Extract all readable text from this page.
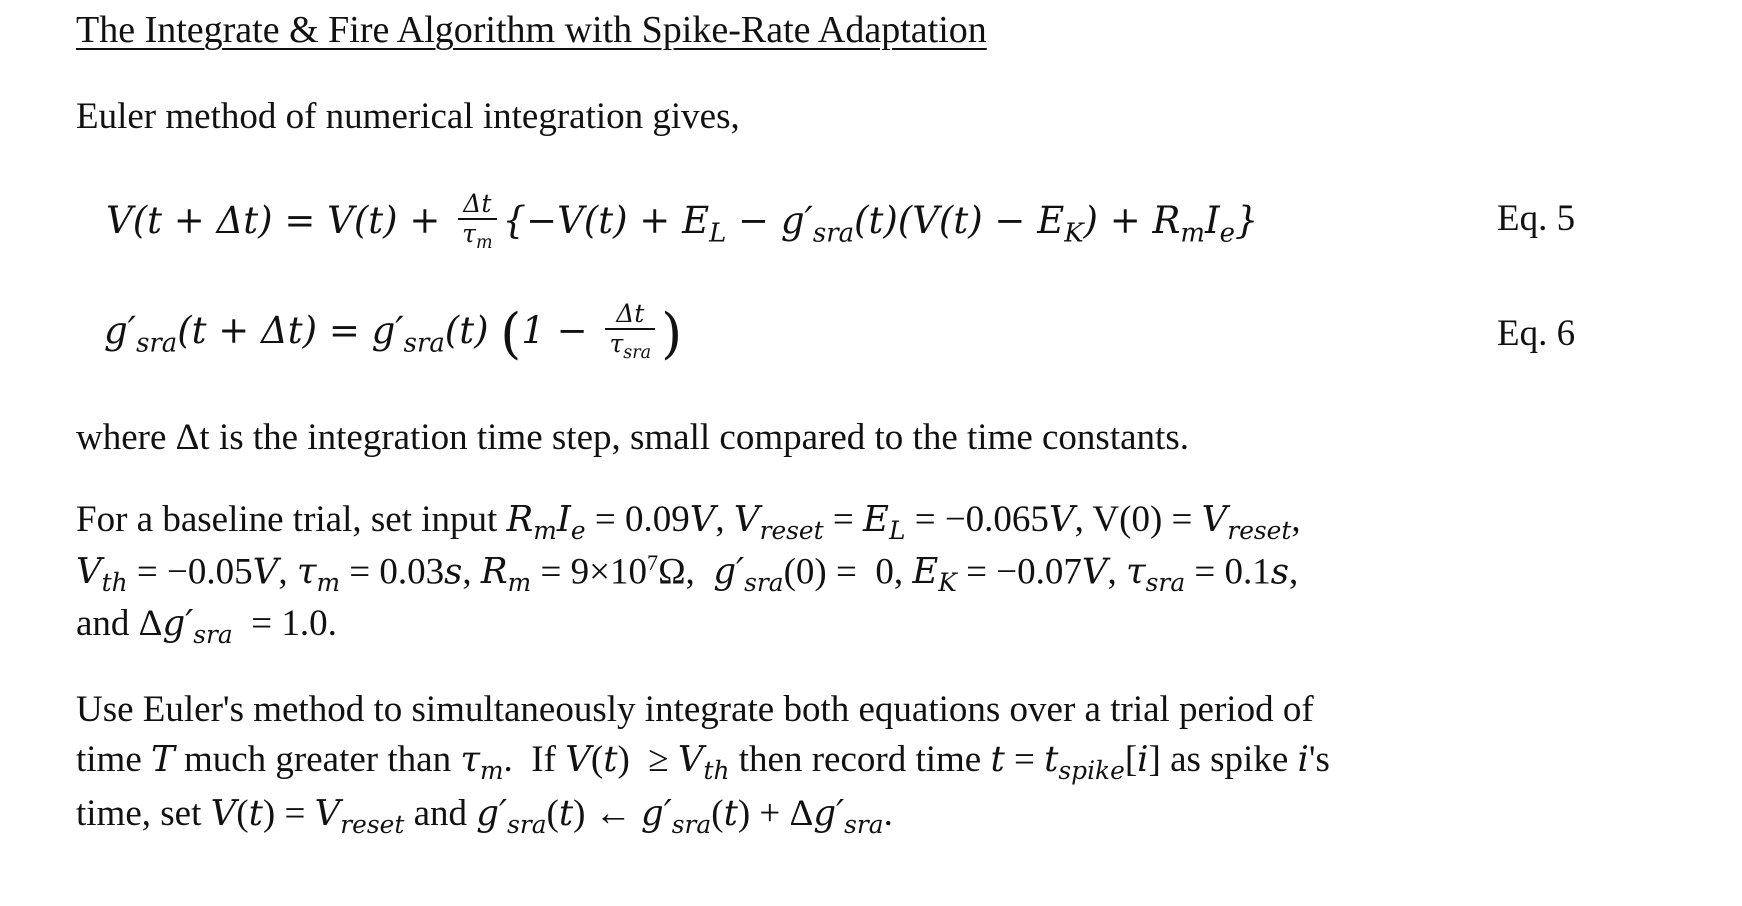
The Integrate & Fire Algorithm with Spike-Rate Adaptation
Euler method of numerical integration gives,
$V(t + \Delta t) = V(t) + \frac{\Delta t}{\tau_m} \{-V(t) + E_L - g'_{sra}(t)(V(t) - E_K) + R_mI_e\}$	Eq. 5
$g'_{sra}(t + \Delta t) = g'_{sra}(t) (1 - \frac{\Delta t}{\tau_{sra}}$ )	Eq. 6
where Δt is the integration time step, small compared to the time constants.
For a baseline trial, set input $R_mI_e = 0.09V$, $V_{reset} = E_L = -0.065V$, $V(0) = V_{reset}$,
$V_{th} = -0.05V$, $\tau_m = 0.03s$, $R_m = 9\times 10^7\Omega$,  $g'_{sra}(0) = 0$, $E_K = -0.07V$, $\tau_{sra} = 0.1s$,
and $\Delta g'_{sra} = 1.0$.
Use Euler's method to simultaneously integrate both equations over a trial period of
time T much greater than $\tau_m$.  If $V(t) \ge V_{th}$ then record time $t = t_{spike}[i]$ as spike i's
time, set $V(t) = V_{reset}$ and $g'_{sra}(t)$ ← $g'_{sra}(t) + \Delta g'_{sra}$.
